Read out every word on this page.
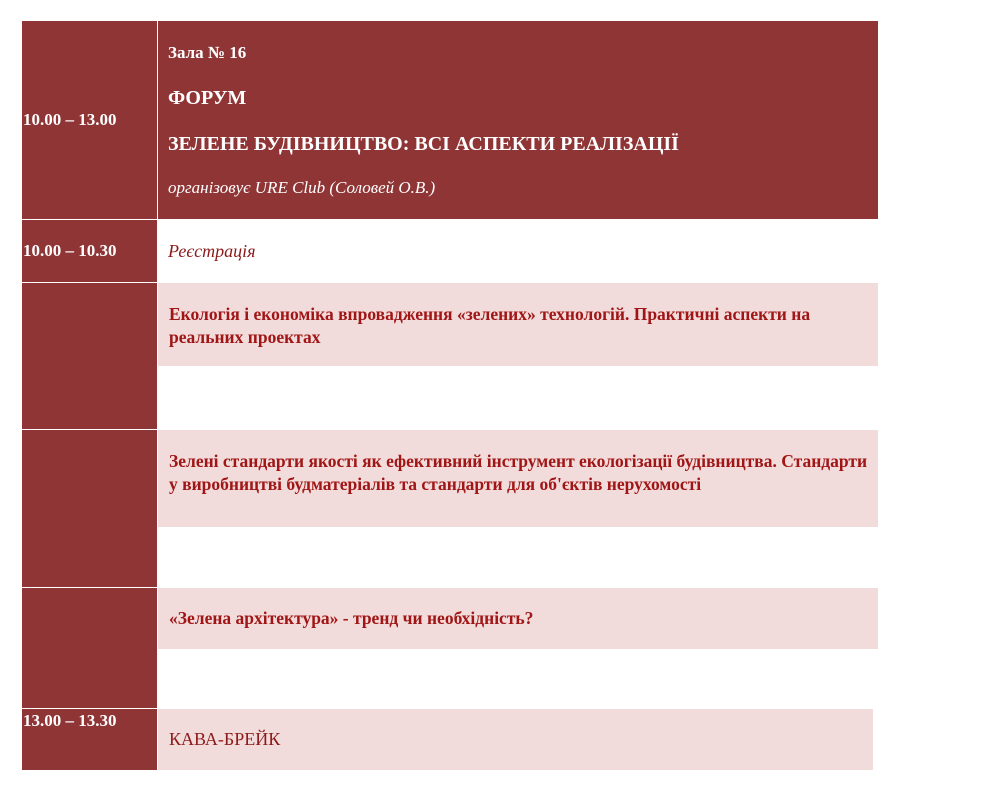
10.00 – 13.00
Зала № 16
ФОРУМ
ЗЕЛЕНЕ БУДІВНИЦТВО: ВСІ АСПЕКТИ РЕАЛІЗАЦІЇ
організовує URE Club (Соловей О.В.)
10.00 – 10.30	Реєстрація
Екологія і економіка впровадження «зелених» технологій. Практичні аспекти на реальних проектах
Зелені стандарти якості як ефективний інструмент екологізації будівництва. Стандарти у виробництві будматеріалів та стандарти для об'єктів нерухомості
«Зелена архітектура» - тренд чи необхідність?
13.00 – 13.30
КАВА-БРЕЙК
